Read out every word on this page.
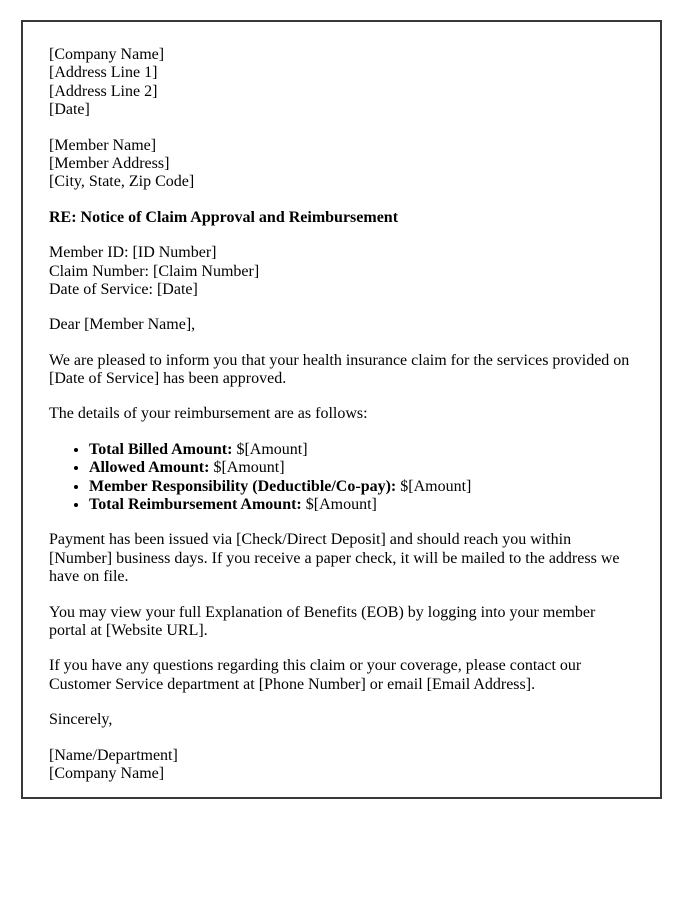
[Company Name]
[Address Line 1]
[Address Line 2]
[Date]
[Member Name]
[Member Address]
[City, State, Zip Code]

RE: Notice of Claim Approval and Reimbursement

Member ID: [ID Number]
Claim Number: [Claim Number]
Date of Service: [Date]

Dear [Member Name],

We are pleased to inform you that your health insurance claim for the services provided on [Date of Service] has been approved.

The details of your reimbursement are as follows:

• Total Billed Amount: $[Amount]
• Allowed Amount: $[Amount]
• Member Responsibility (Deductible/Co-pay): $[Amount]
• Total Reimbursement Amount: $[Amount]

Payment has been issued via [Check/Direct Deposit] and should reach you within [Number] business days. If you receive a paper check, it will be mailed to the address we have on file.

You may view your full Explanation of Benefits (EOB) by logging into your member portal at [Website URL].

If you have any questions regarding this claim or your coverage, please contact our Customer Service department at [Phone Number] or email [Email Address].

Sincerely,

[Name/Department]
[Company Name]
